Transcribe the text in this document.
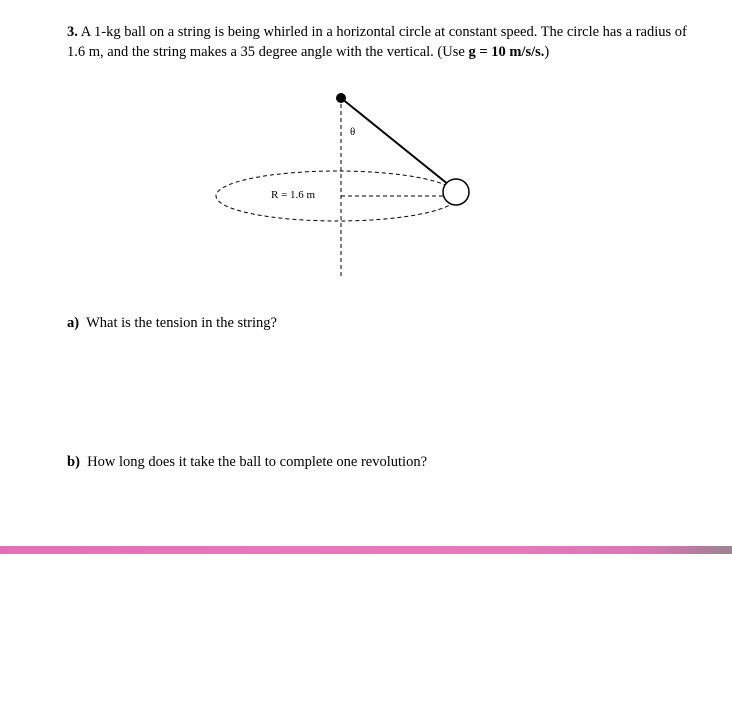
3. A 1-kg ball on a string is being whirled in a horizontal circle at constant speed. The circle has a radius of 1.6 m, and the string makes a 35 degree angle with the vertical. (Use g = 10 m/s/s.)

θ
R = 1.6 m

a) What is the tension in the string?

b) How long does it take the ball to complete one revolution?
